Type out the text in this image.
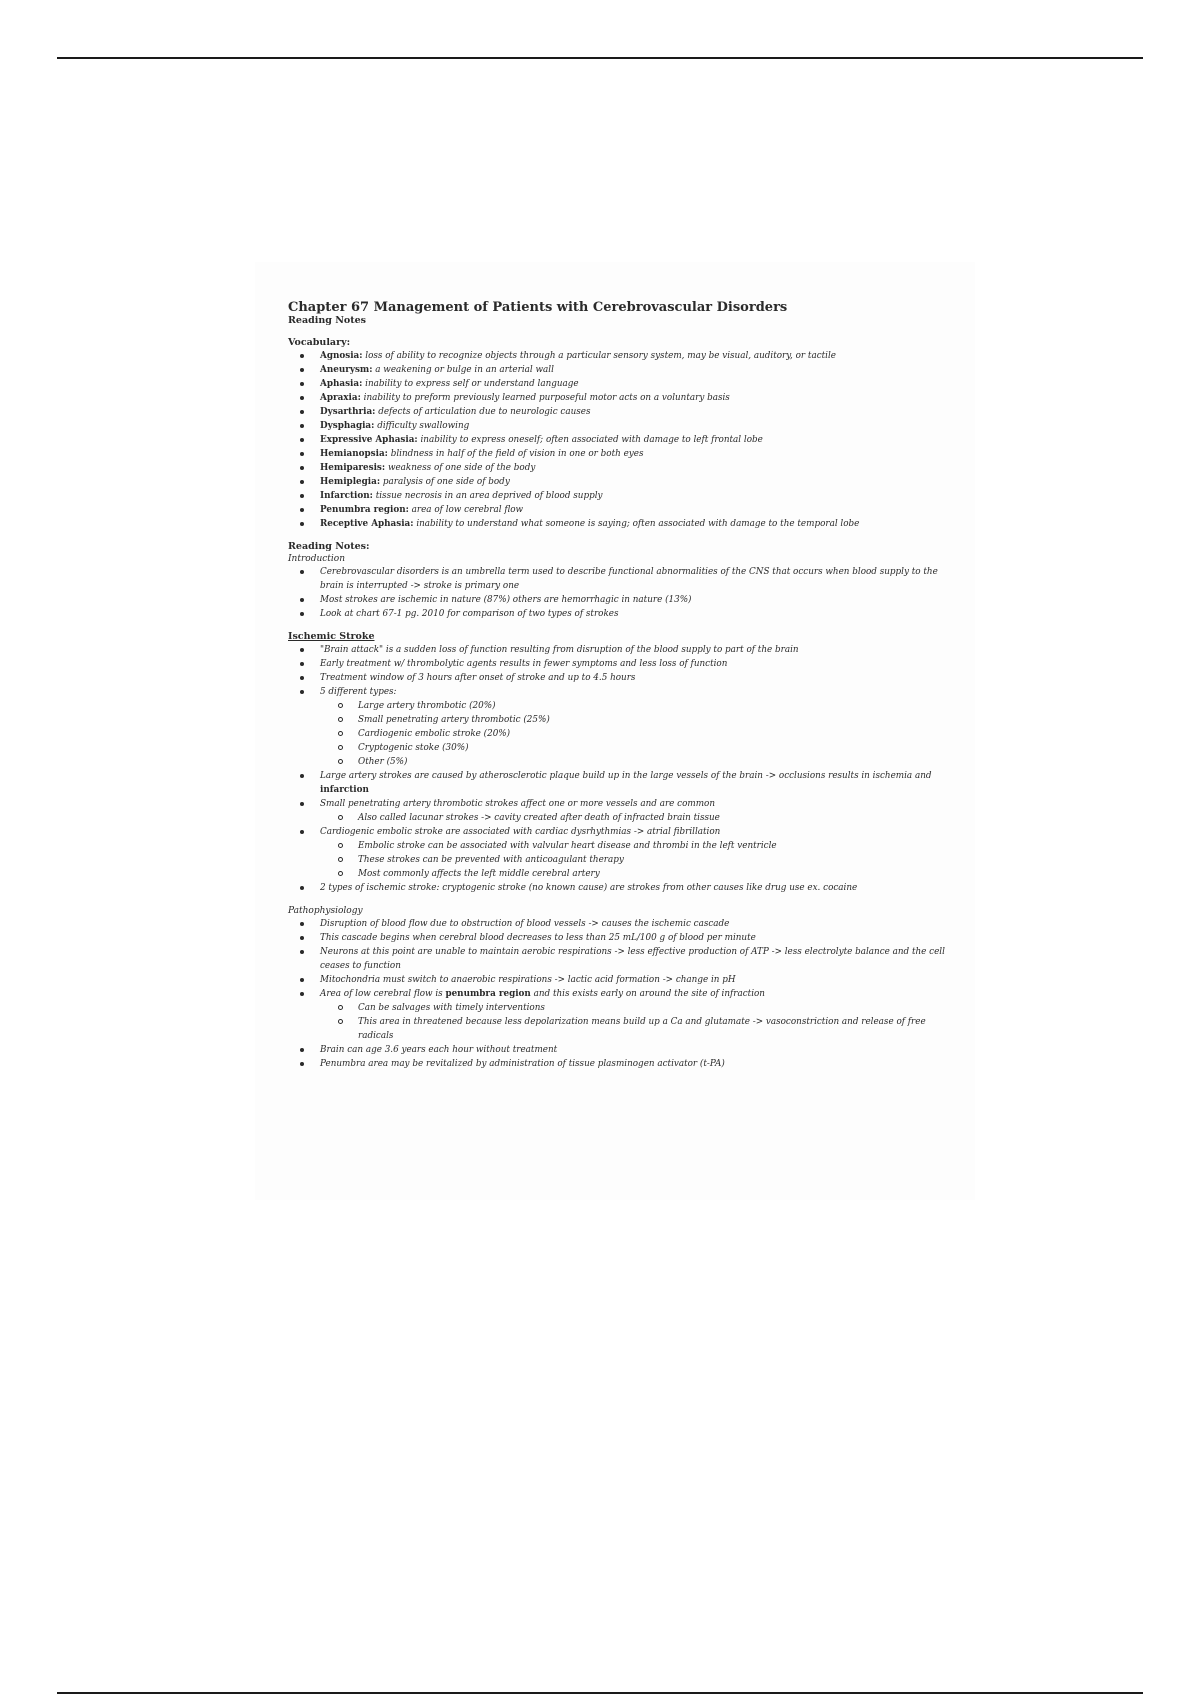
Chapter 67 Management of Patients with Cerebrovascular Disorders

Reading Notes

Vocabulary:

Agnosia: loss of ability to recognize objects through a particular sensory system, may be visual, auditory, or tactile
Aneurysm: a weakening or bulge in an arterial wall
Aphasia: inability to express self or understand language
Apraxia: inability to preform previously learned purposeful motor acts on a voluntary basis
Dysarthria: defects of articulation due to neurologic causes
Dysphagia: difficulty swallowing
Expressive Aphasia: inability to express oneself; often associated with damage to left frontal lobe
Hemianopsia: blindness in half of the field of vision in one or both eyes
Hemiparesis: weakness of one side of the body
Hemiplegia: paralysis of one side of body
Infarction: tissue necrosis in an area deprived of blood supply
Penumbra region: area of low cerebral flow
Receptive Aphasia: inability to understand what someone is saying; often associated with damage to the temporal lobe

Reading Notes:

Introduction

Cerebrovascular disorders is an umbrella term used to describe functional abnormalities of the CNS that occurs when blood supply to the brain is interrupted -> stroke is primary one
Most strokes are ischemic in nature (87%) others are hemorrhagic in nature (13%)
Look at chart 67-1 pg. 2010 for comparison of two types of strokes

Ischemic Stroke

"Brain attack" is a sudden loss of function resulting from disruption of the blood supply to part of the brain
Early treatment w/ thrombolytic agents results in fewer symptoms and less loss of function
Treatment window of 3 hours after onset of stroke and up to 4.5 hours
5 different types:
Large artery thrombotic (20%)
Small penetrating artery thrombotic (25%)
Cardiogenic embolic stroke (20%)
Cryptogenic stoke (30%)
Other (5%)
Large artery strokes are caused by atherosclerotic plaque build up in the large vessels of the brain -> occlusions results in ischemia and infarction
Small penetrating artery thrombotic strokes affect one or more vessels and are common
Also called lacunar strokes -> cavity created after death of infracted brain tissue
Cardiogenic embolic stroke are associated with cardiac dysrhythmias -> atrial fibrillation
Embolic stroke can be associated with valvular heart disease and thrombi in the left ventricle
These strokes can be prevented with anticoagulant therapy
Most commonly affects the left middle cerebral artery
2 types of ischemic stroke: cryptogenic stroke (no known cause) are strokes from other causes like drug use ex. cocaine

Pathophysiology

Disruption of blood flow due to obstruction of blood vessels -> causes the ischemic cascade
This cascade begins when cerebral blood decreases to less than 25 mL/100 g of blood per minute
Neurons at this point are unable to maintain aerobic respirations -> less effective production of ATP -> less electrolyte balance and the cell ceases to function
Mitochondria must switch to anaerobic respirations -> lactic acid formation -> change in pH
Area of low cerebral flow is penumbra region and this exists early on around the site of infraction
Can be salvages with timely interventions
This area in threatened because less depolarization means build up a Ca and glutamate -> vasoconstriction and release of free radicals
Brain can age 3.6 years each hour without treatment
Penumbra area may be revitalized by administration of tissue plasminogen activator (t-PA)
